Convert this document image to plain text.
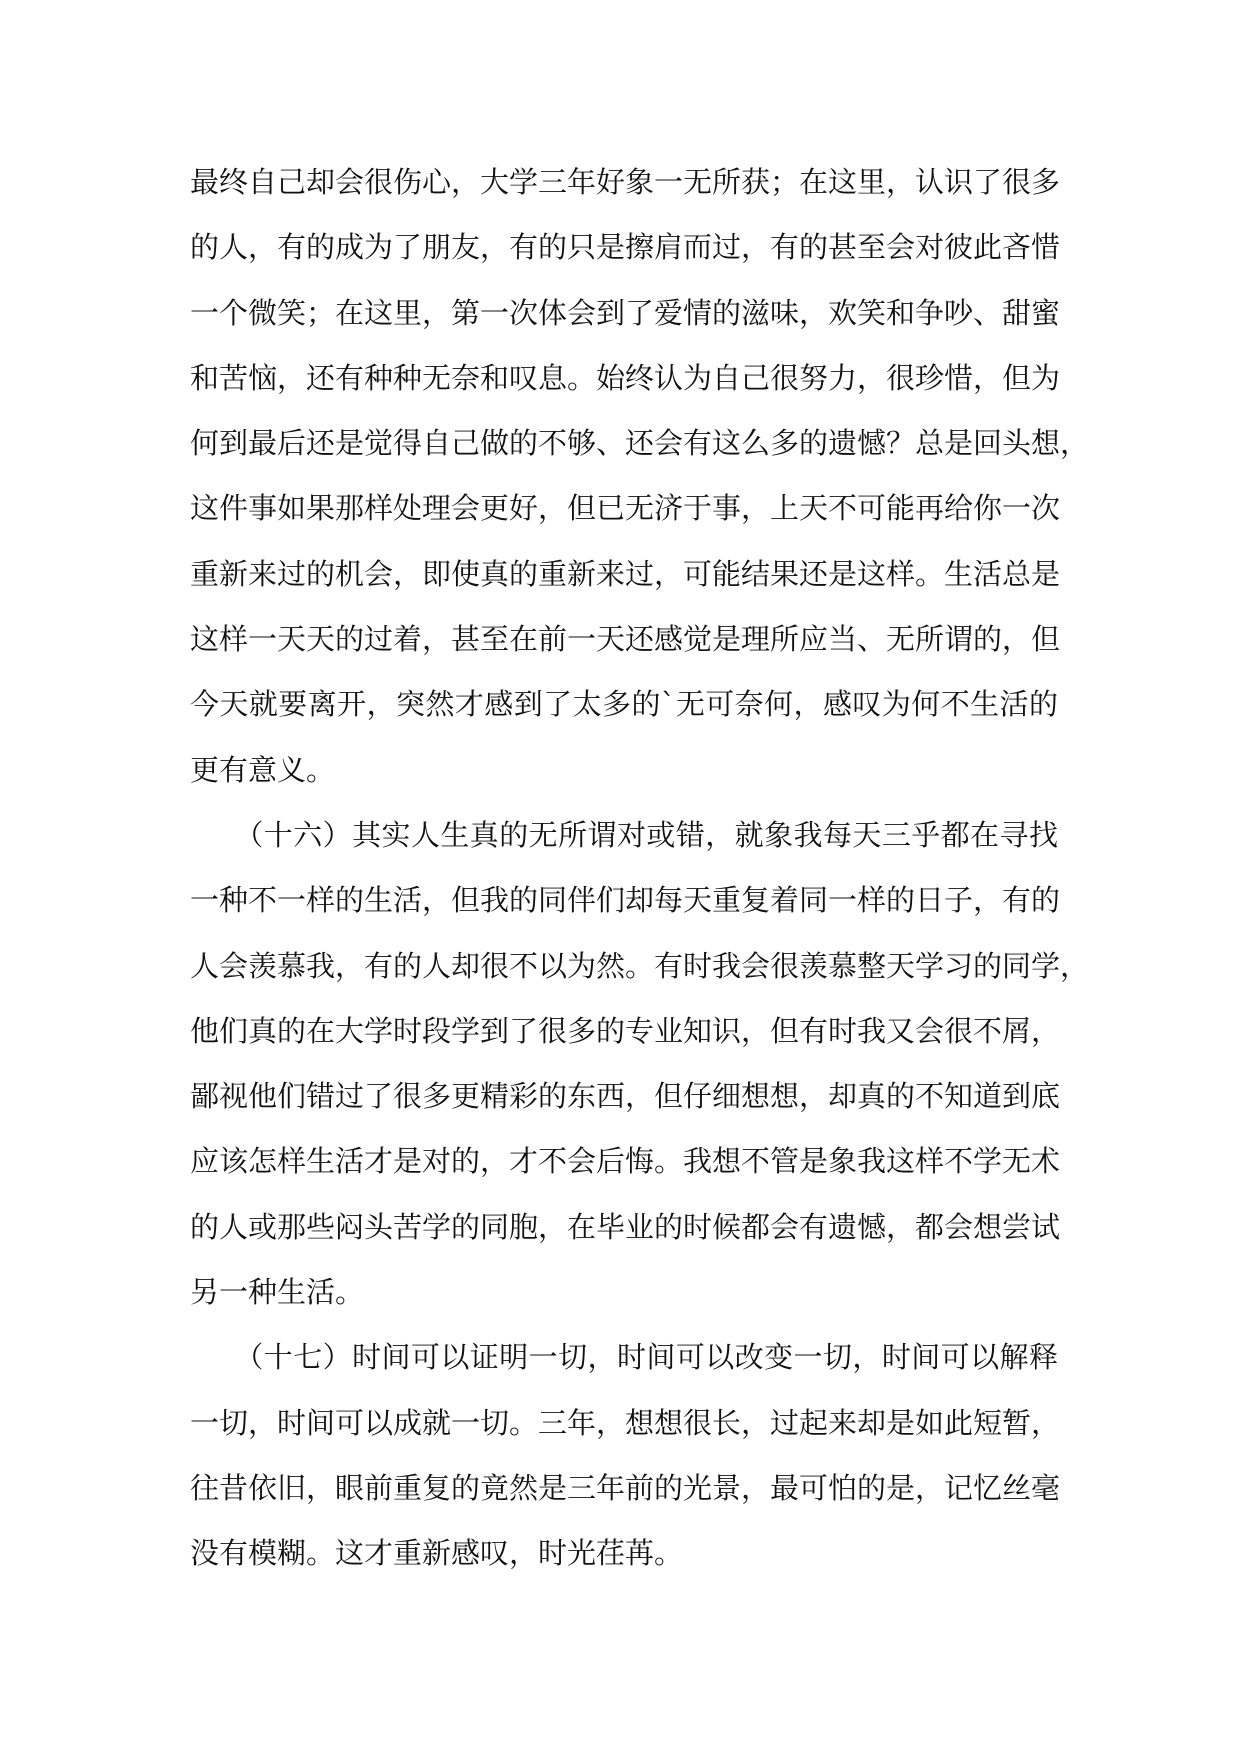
最终自己却会很伤心，大学三年好象一无所获；在这里，认识了很多
的人，有的成为了朋友，有的只是擦肩而过，有的甚至会对彼此吝惜
一个微笑；在这里，第一次体会到了爱情的滋味，欢笑和争吵、甜蜜
和苦恼，还有种种无奈和叹息。始终认为自己很努力，很珍惜，但为
何到最后还是觉得自己做的不够、还会有这么多的遗憾？总是回头想，
这件事如果那样处理会更好，但已无济于事，上天不可能再给你一次
重新来过的机会，即使真的重新来过，可能结果还是这样。生活总是
这样一天天的过着，甚至在前一天还感觉是理所应当、无所谓的，但
今天就要离开，突然才感到了太多的`无可奈何，感叹为何不生活的
更有意义。
　　（十六）其实人生真的无所谓对或错，就象我每天三乎都在寻找
一种不一样的生活，但我的同伴们却每天重复着同一样的日子，有的
人会羡慕我，有的人却很不以为然。有时我会很羡慕整天学习的同学，
他们真的在大学时段学到了很多的专业知识，但有时我又会很不屑，
鄙视他们错过了很多更精彩的东西，但仔细想想，却真的不知道到底
应该怎样生活才是对的，才不会后悔。我想不管是象我这样不学无术
的人或那些闷头苦学的同胞，在毕业的时候都会有遗憾，都会想尝试
另一种生活。
　　（十七）时间可以证明一切，时间可以改变一切，时间可以解释
一切，时间可以成就一切。三年，想想很长，过起来却是如此短暂，
往昔依旧，眼前重复的竟然是三年前的光景，最可怕的是，记忆丝毫
没有模糊。这才重新感叹，时光荏苒。
